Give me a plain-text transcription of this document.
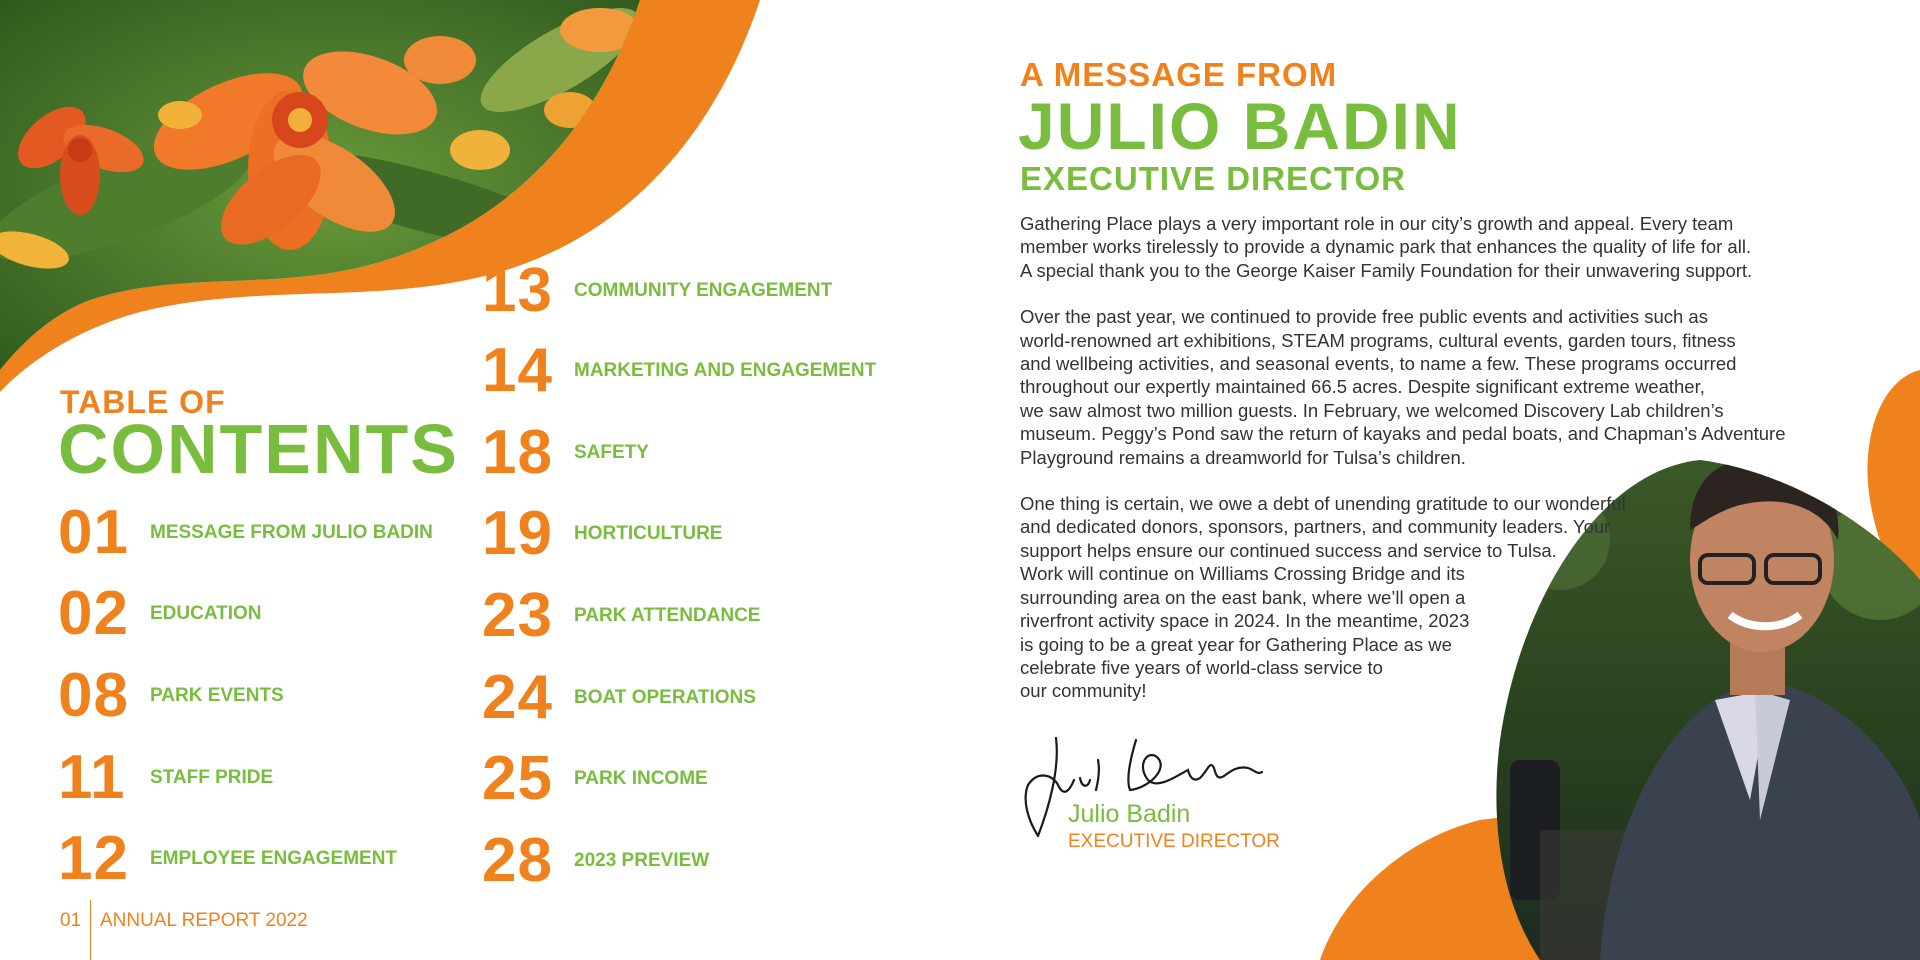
TABLE OF
CONTENTS
01	MESSAGE FROM JULIO BADIN
02	EDUCATION
08	PARK EVENTS
11	STAFF PRIDE
12	EMPLOYEE ENGAGEMENT
13	COMMUNITY ENGAGEMENT
14	MARKETING AND ENGAGEMENT
18	SAFETY
19	HORTICULTURE
23	PARK ATTENDANCE
24	BOAT OPERATIONS
25	PARK INCOME
28	2023 PREVIEW
01 ANNUAL REPORT 2022
A MESSAGE FROM
JULIO BADIN
EXECUTIVE DIRECTOR

Gathering Place plays a very important role in our city’s growth and appeal. Every team
member works tirelessly to provide a dynamic park that enhances the quality of life for all.
A special thank you to the George Kaiser Family Foundation for their unwavering support.

Over the past year, we continued to provide free public events and activities such as
world-renowned art exhibitions, STEAM programs, cultural events, garden tours, fitness
and wellbeing activities, and seasonal events, to name a few. These programs occurred
throughout our expertly maintained 66.5 acres. Despite significant extreme weather,
we saw almost two million guests. In February, we welcomed Discovery Lab children’s
museum. Peggy’s Pond saw the return of kayaks and pedal boats, and Chapman’s Adventure
Playground remains a dreamworld for Tulsa’s children.

One thing is certain, we owe a debt of unending gratitude to our wonderful
and dedicated donors, sponsors, partners, and community leaders. Your
support helps ensure our continued success and service to Tulsa.
Work will continue on Williams Crossing Bridge and its
surrounding area on the east bank, where we’ll open a
riverfront activity space in 2024. In the meantime, 2023
is going to be a great year for Gathering Place as we
celebrate five years of world-class service to
our community!

Julio Badin
EXECUTIVE DIRECTOR
